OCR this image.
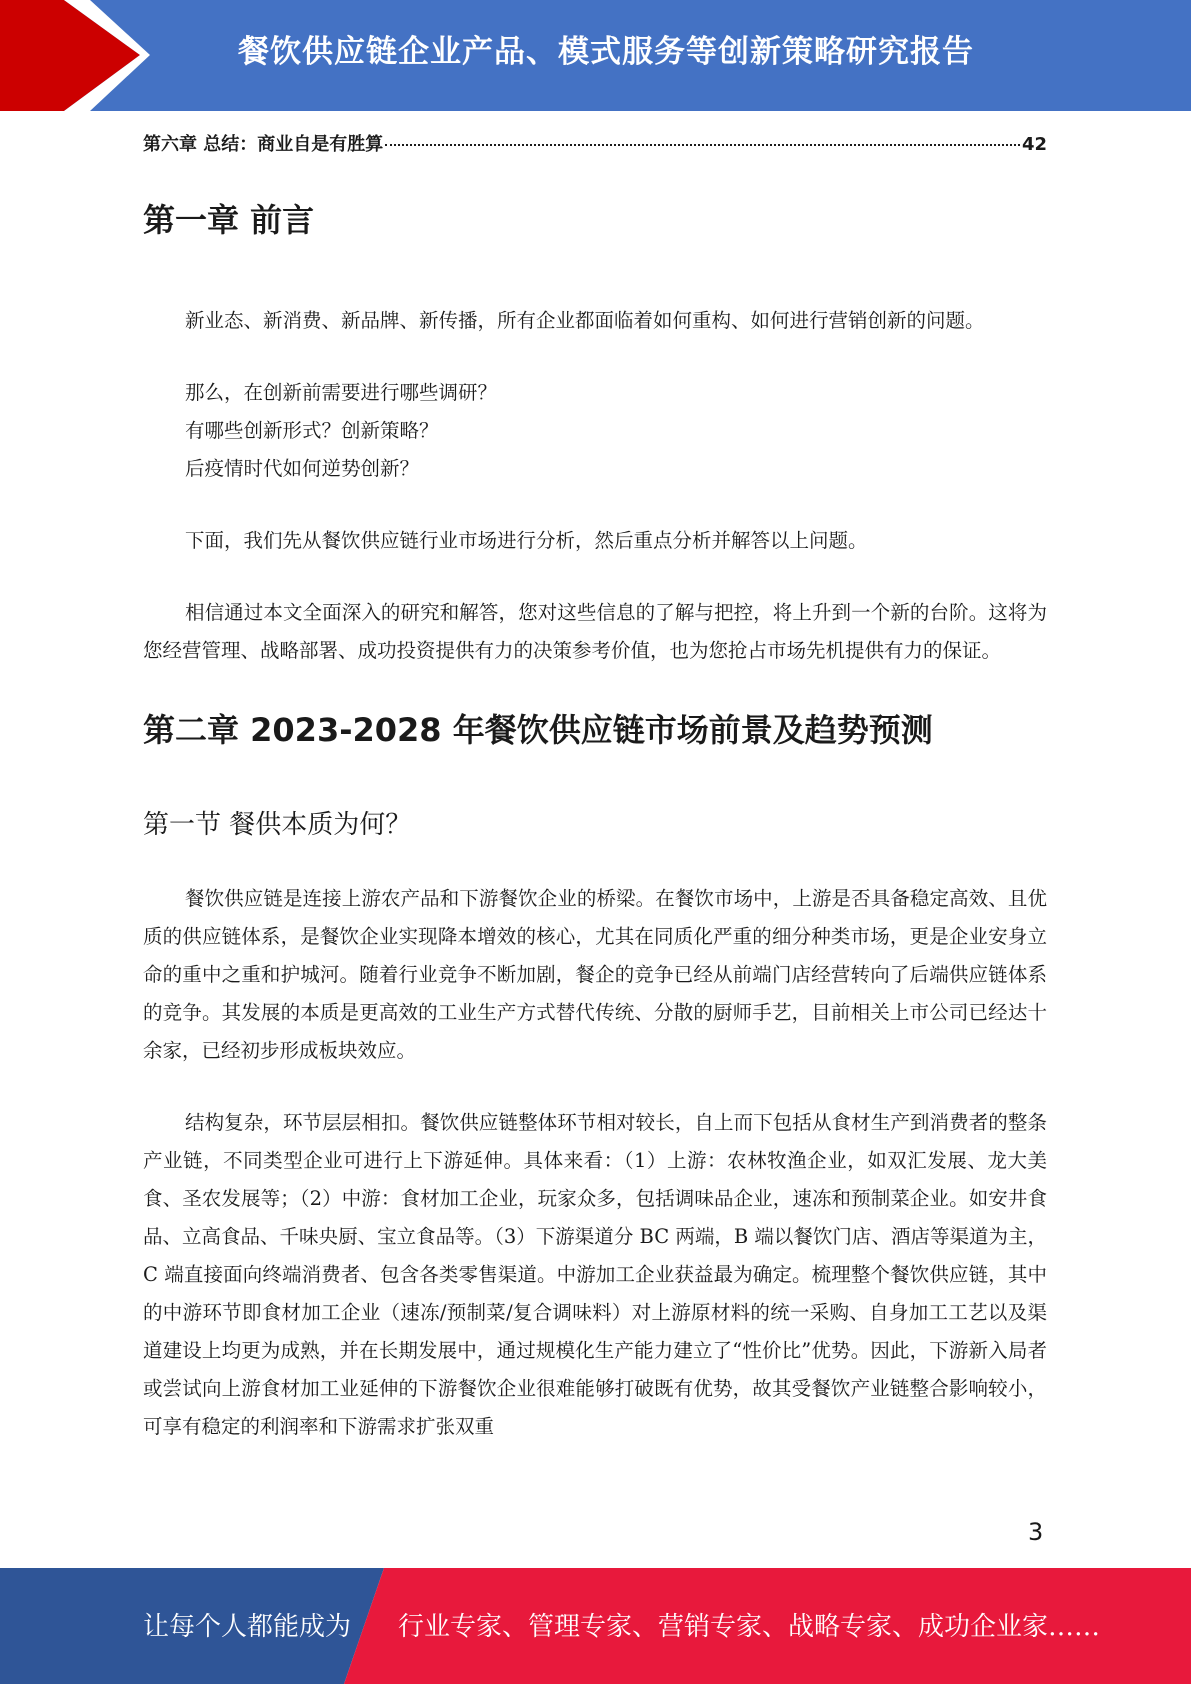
餐饮供应链企业产品、模式服务等创新策略研究报告
第六章 总结：商业自是有胜算	42
第一章 前言

新业态、新消费、新品牌、新传播，所有企业都面临着如何重构、如何进行营销创新的问题。

那么，在创新前需要进行哪些调研？
有哪些创新形式？创新策略？
后疫情时代如何逆势创新？

下面，我们先从餐饮供应链行业市场进行分析，然后重点分析并解答以上问题。

相信通过本文全面深入的研究和解答，您对这些信息的了解与把控，将上升到一个新的台阶。这将为您经营管理、战略部署、成功投资提供有力的决策参考价值，也为您抢占市场先机提供有力的保证。

第二章 2023-2028 年餐饮供应链市场前景及趋势预测
第一节 餐供本质为何？

餐饮供应链是连接上游农产品和下游餐饮企业的桥梁。在餐饮市场中，上游是否具备稳定高效、且优质的供应链体系，是餐饮企业实现降本增效的核心，尤其在同质化严重的细分种类市场，更是企业安身立命的重中之重和护城河。随着行业竞争不断加剧，餐企的竞争已经从前端门店经营转向了后端供应链体系的竞争。其发展的本质是更高效的工业生产方式替代传统、分散的厨师手艺，目前相关上市公司已经达十余家，已经初步形成板块效应。

结构复杂，环节层层相扣。餐饮供应链整体环节相对较长，自上而下包括从食材生产到消费者的整条产业链，不同类型企业可进行上下游延伸。具体来看：（1）上游：农林牧渔企业，如双汇发展、龙大美食、圣农发展等；（2）中游：食材加工企业，玩家众多，包括调味品企业，速冻和预制菜企业。如安井食品、立高食品、千味央厨、宝立食品等。（3）下游渠道分 BC 两端，B 端以餐饮门店、酒店等渠道为主，C 端直接面向终端消费者、包含各类零售渠道。中游加工企业获益最为确定。梳理整个餐饮供应链，其中的中游环节即食材加工企业（速冻/预制菜/复合调味料）对上游原材料的统一采购、自身加工工艺以及渠道建设上均更为成熟，并在长期发展中，通过规模化生产能力建立了“性价比”优势。因此，下游新入局者或尝试向上游食材加工业延伸的下游餐饮企业很难能够打破既有优势，故其受餐饮产业链整合影响较小，可享有稳定的利润率和下游需求扩张双重

3
让每个人都能成为 行业专家、管理专家、营销专家、战略专家、成功企业家……
